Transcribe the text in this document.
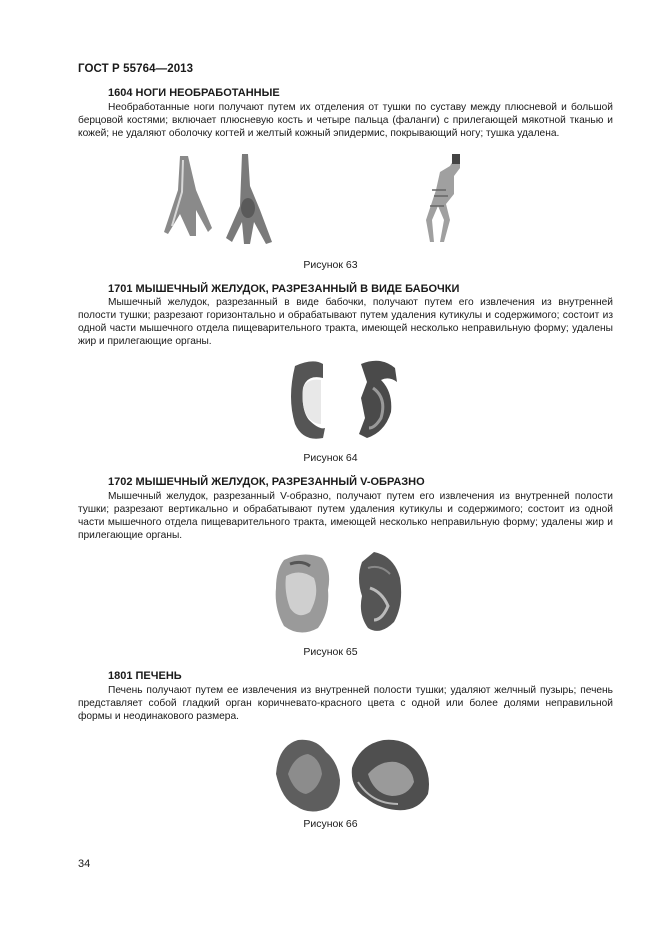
ГОСТ Р 55764—2013
1604 НОГИ НЕОБРАБОТАННЫЕ

Необработанные ноги получают путем их отделения от тушки по суставу между плюсневой и большой берцовой костями; включает плюсневую кость и четыре пальца (фаланги) с прилегающей мякотной тканью и кожей; не удаляют оболочку когтей и желтый кожный эпидермис, покрывающий ногу; тушка удалена.

Рисунок 63
1701 МЫШЕЧНЫЙ ЖЕЛУДОК, РАЗРЕЗАННЫЙ В ВИДЕ БАБОЧКИ

Мышечный желудок, разрезанный в виде бабочки, получают путем его извлечения из внутренней полости тушки; разрезают горизонтально и обрабатывают путем удаления кутикулы и содержимого; состоит из одной части мышечного отдела пищеварительного тракта, имеющей несколько неправильную форму; удалены жир и прилегающие органы.

Рисунок 64
1702 МЫШЕЧНЫЙ ЖЕЛУДОК, РАЗРЕЗАННЫЙ V-ОБРАЗНО

Мышечный желудок, разрезанный V-образно, получают путем его извлечения из внутренней полости тушки; разрезают вертикально и обрабатывают путем удаления кутикулы и содержимого; состоит из одной части мышечного отдела пищеварительного тракта, имеющей несколько неправильную форму; удалены жир и прилегающие органы.

Рисунок 65
1801 ПЕЧЕНЬ

Печень получают путем ее извлечения из внутренней полости тушки; удаляют желчный пузырь; печень представляет собой гладкий орган коричневато-красного цвета с одной или более долями неправильной формы и неодинакового размера.

Рисунок 66
34
